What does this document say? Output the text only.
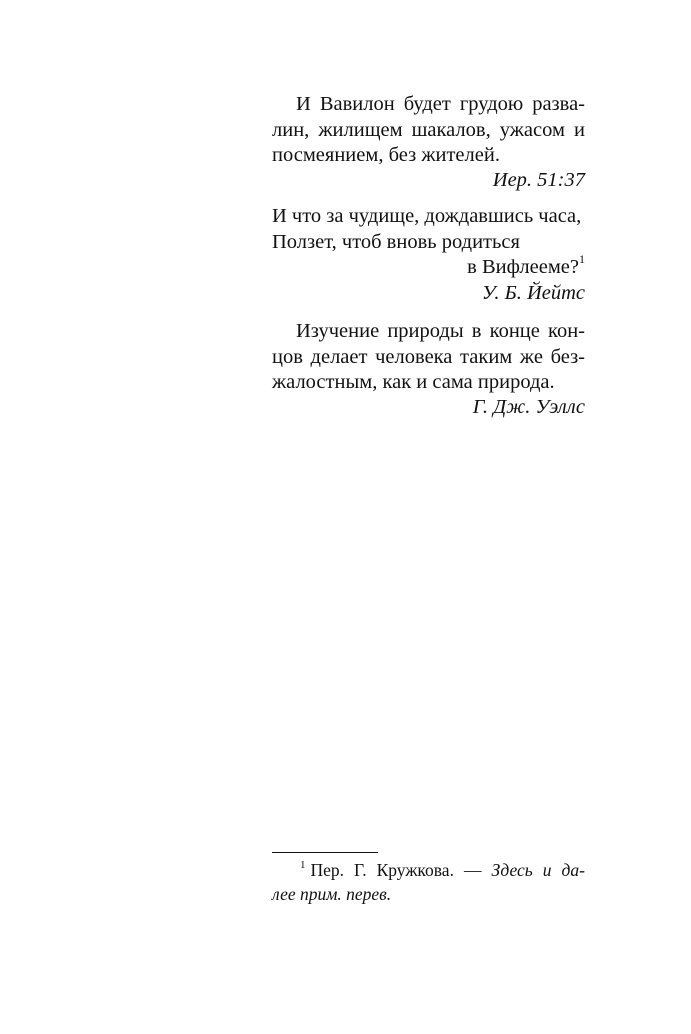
И Вавилон будет грудою разва-
лин, жилищем шакалов, ужасом и
посмеянием, без жителей.
Иер. 51:37
И что за чудище, дождавшись часа,
Ползет, чтоб вновь родиться
в Вифлееме?$^1$
У. Б. Йейтс
Изучение природы в конце кон-
цов делает человека таким же без-
жалостным, как и сама природа.
Г. Дж. Уэллс
$^1$ Пер. Г. Кружкова. — Здесь и да-
лее прим. перев.
